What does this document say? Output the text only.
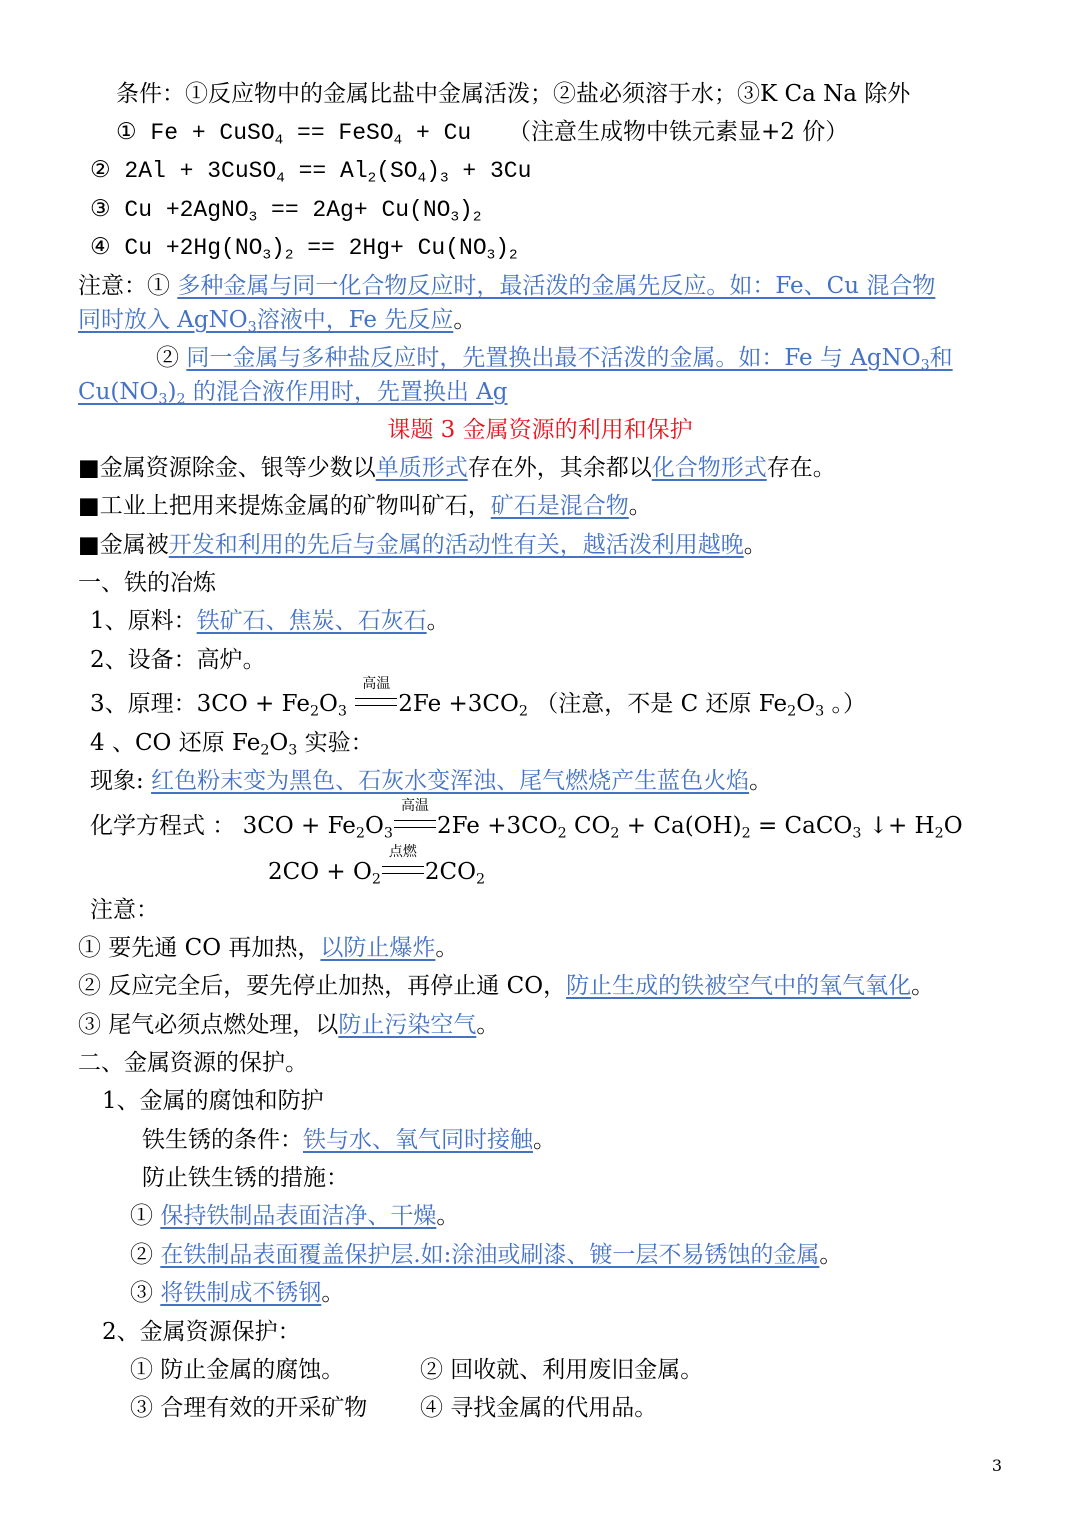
条件：①反应物中的金属比盐中金属活泼；②盐必须溶于水；③K Ca Na 除外
① Fe + CuSO$_4$ == FeSO$_4$ + Cu （注意生成物中铁元素显+2 价）
② 2Al + 3CuSO$_4$ == $Al_2(SO_4)_3 + 3Cu$
③ Cu +2AgNO$_3$ == $2Ag+ Cu(NO_3)_2$
④ $Cu +2Hg(NO_3)_2 == 2Hg+ Cu(NO_3)_2$
注意：① 多种金属与同一化合物反应时，最活泼的金属先反应。如：Fe、Cu 混合物
同时放入 AgNO$_3$溶液中，Fe 先反应。
② 同一金属与多种盐反应时，先置换出最不活泼的金属。如：Fe 与 AgNO$_3$和
$Cu(NO_3)_2$ 的混合液作用时，先置换出 Ag
课题 3 金属资源的利用和保护
■金属资源除金、银等少数以单质形式存在外，其余都以化合物形式存在。
■工业上把用来提炼金属的矿物叫矿石，矿石是混合物。
■金属被开发和利用的先后与金属的活动性有关，越活泼利用越晚。
一、铁的冶炼
1、原料：铁矿石、焦炭、石灰石。
2、设备：高炉。
3、原理：$3CO + Fe_2O_3$
高温
$2Fe +3CO_2$ （注意，不是 C 还原 $Fe_2O_3$ 。）
4 、CO 还原 $Fe_2O_3$ 实验：
现象: 红色粉末变为黑色、石灰水变浑浊、尾气燃烧产生蓝色火焰。
化学方程式 ： $3CO + Fe_2O_3$
高温
$2Fe +3CO_2$ $CO_2 + Ca(OH)_2$ = CaCO$_3$ ↓+ $H_2O$
$2CO + O_2$
点燃
$2CO_2$
注意：
① 要先通 CO 再加热，以防止爆炸。
② 反应完全后，要先停止加热，再停止通 CO，防止生成的铁被空气中的氧气氧化。
③ 尾气必须点燃处理，以防止污染空气。
二、金属资源的保护。
1、金属的腐蚀和防护
铁生锈的条件：铁与水、氧气同时接触。
防止铁生锈的措施：
① 保持铁制品表面洁净、干燥。
② 在铁制品表面覆盖保护层.如:涂油或刷漆、镀一层不易锈蚀的金属。
③ 将铁制成不锈钢。
2、金属资源保护：
① 防止金属的腐蚀。	② 回收就、利用废旧金属。
③ 合理有效的开采矿物 ④ 寻找金属的代用品。
3
